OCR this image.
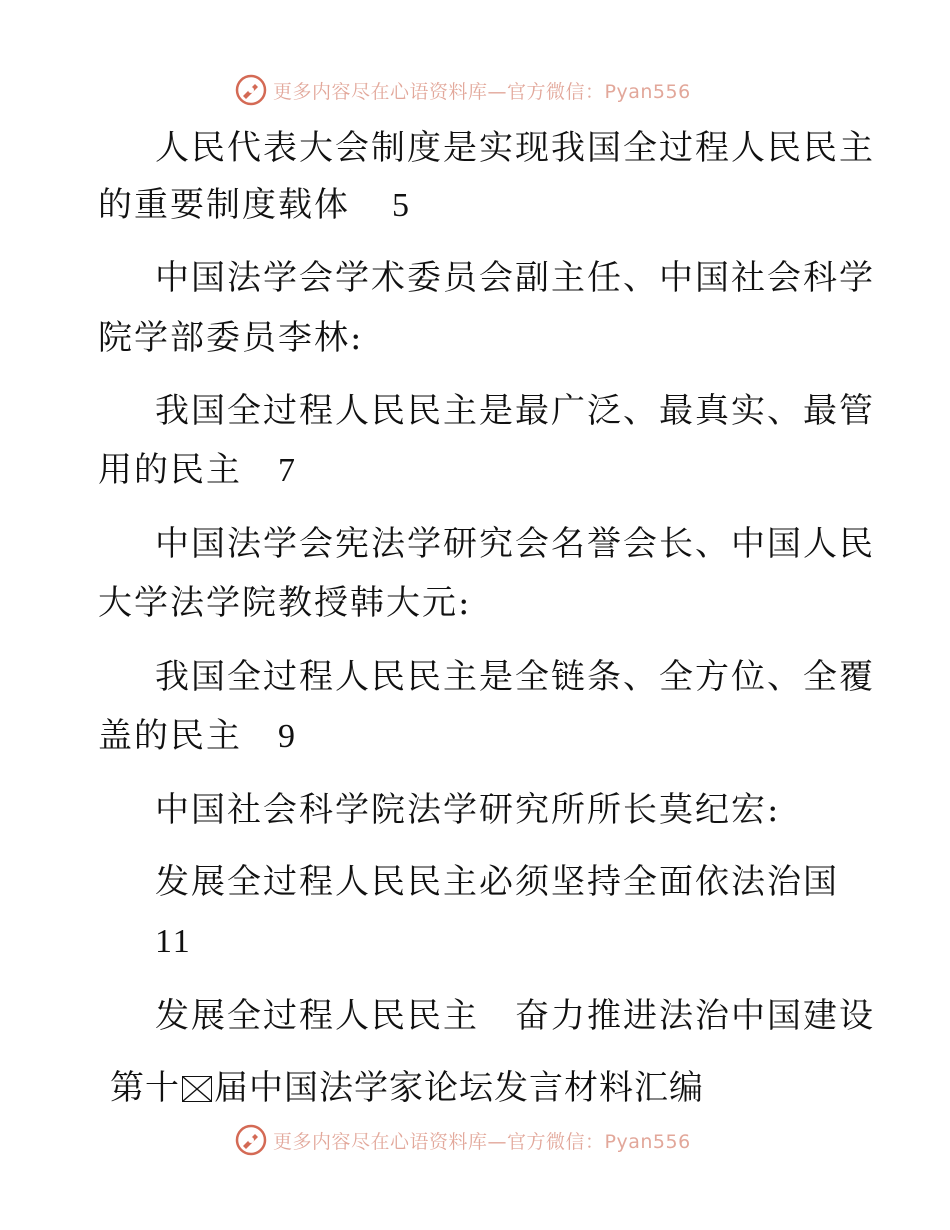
更多内容尽在心语资料库—官方微信：Pyan556
人民代表大会制度是实现我国全过程人民民主
的重要制度载体 5
中国法学会学术委员会副主任、中国社会科学
院学部委员李林:
我国全过程人民民主是最广泛、最真实、最管
用的民主 7
中国法学会宪法学研究会名誉会长、中国人民
大学法学院教授韩大元:
我国全过程人民民主是全链条、全方位、全覆
盖的民主 9
中国社会科学院法学研究所所长莫纪宏:
发展全过程人民民主必须坚持全面依法治国
11
发展全过程人民民主　奋力推进法治中国建设
第十 届中国法学家论坛发言材料汇编
更多内容尽在心语资料库—官方微信：Pyan556
